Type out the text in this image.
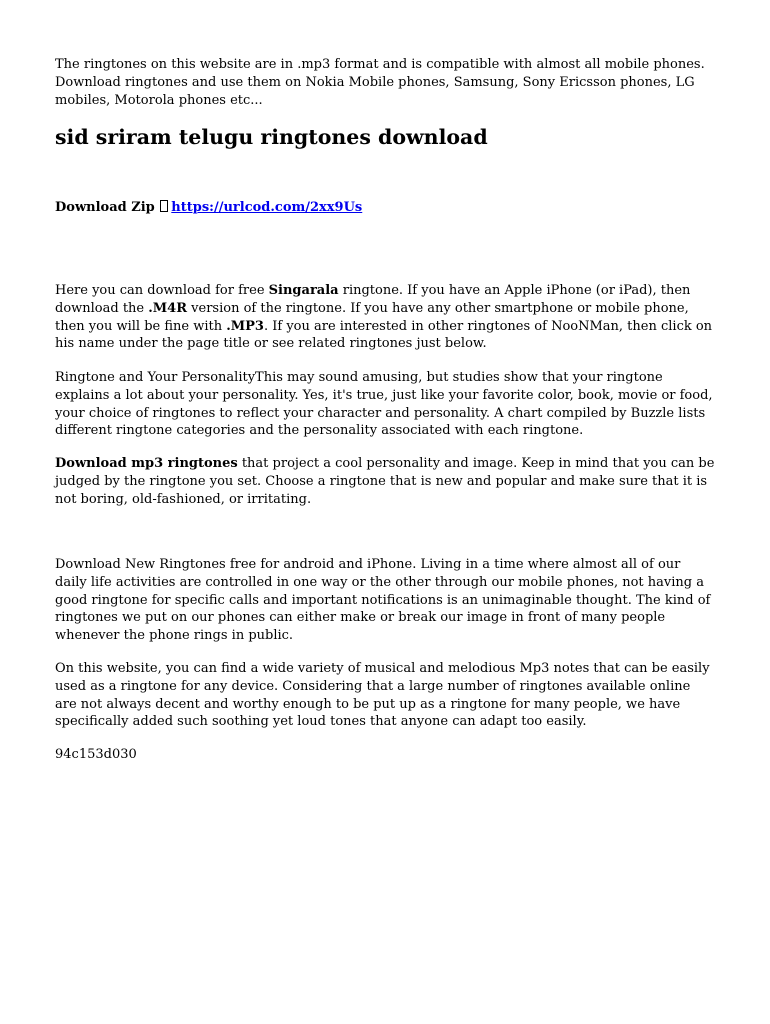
The ringtones on this website are in .mp3 format and is compatible with almost all mobile phones. Download ringtones and use them on Nokia Mobile phones, Samsung, Sony Ericsson phones, LG mobiles, Motorola phones etc...

sid sriram telugu ringtones download
Download Zip https://urlcod.com/2xx9Us

Here you can download for free Singarala ringtone. If you have an Apple iPhone (or iPad), then download the .M4R version of the ringtone. If you have any other smartphone or mobile phone, then you will be fine with .MP3. If you are interested in other ringtones of NooNMan, then click on his name under the page title or see related ringtones just below.

Ringtone and Your PersonalityThis may sound amusing, but studies show that your ringtone explains a lot about your personality. Yes, it's true, just like your favorite color, book, movie or food, your choice of ringtones to reflect your character and personality. A chart compiled by Buzzle lists different ringtone categories and the personality associated with each ringtone.

Download mp3 ringtones that project a cool personality and image. Keep in mind that you can be judged by the ringtone you set. Choose a ringtone that is new and popular and make sure that it is not boring, old-fashioned, or irritating.

Download New Ringtones free for android and iPhone. Living in a time where almost all of our daily life activities are controlled in one way or the other through our mobile phones, not having a good ringtone for specific calls and important notifications is an unimaginable thought. The kind of ringtones we put on our phones can either make or break our image in front of many people whenever the phone rings in public.

On this website, you can find a wide variety of musical and melodious Mp3 notes that can be easily used as a ringtone for any device. Considering that a large number of ringtones available online are not always decent and worthy enough to be put up as a ringtone for many people, we have specifically added such soothing yet loud tones that anyone can adapt too easily.

94c153d030
